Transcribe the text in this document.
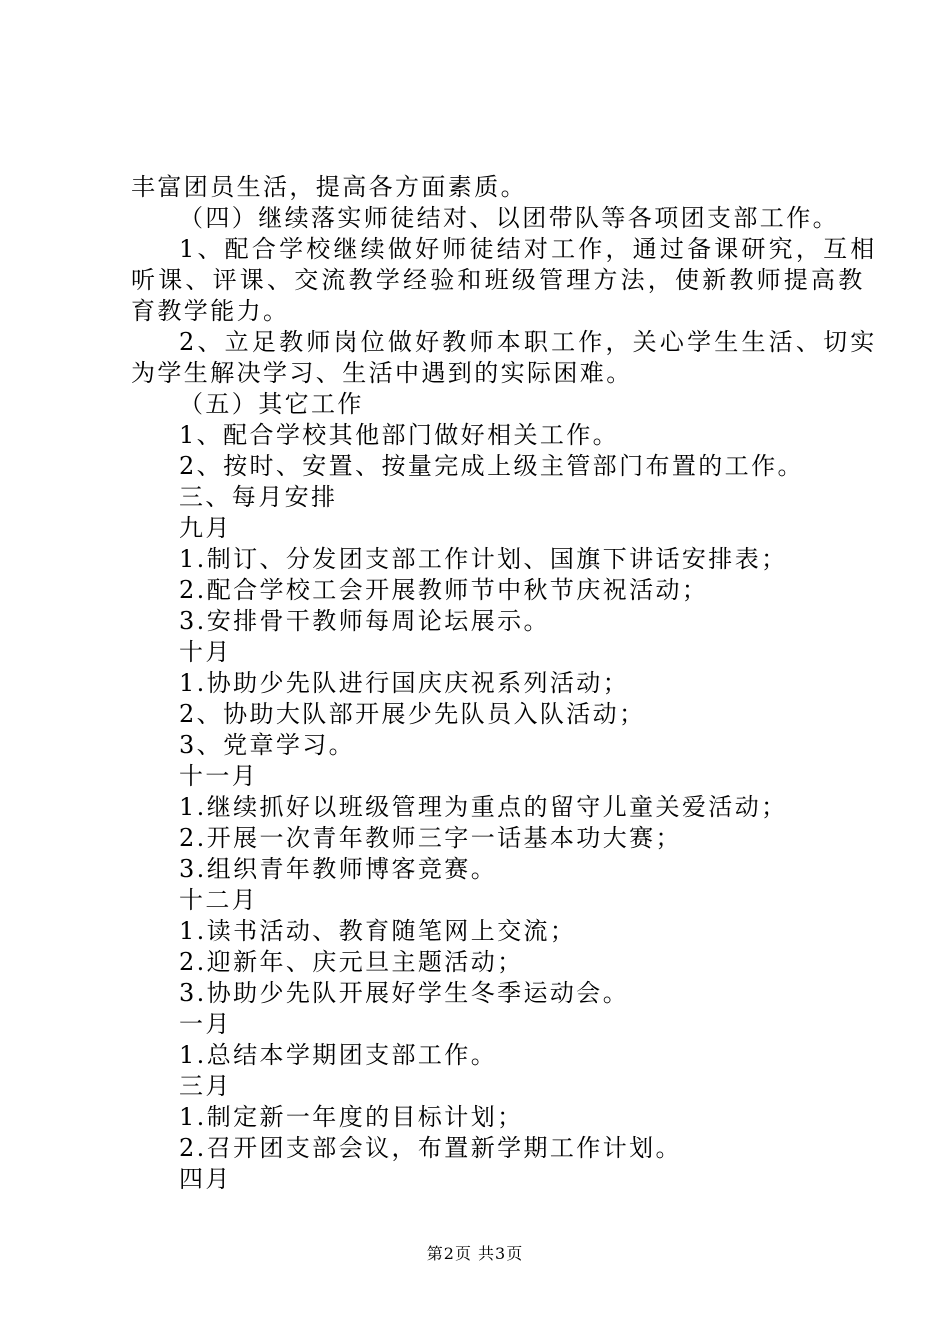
丰富团员生活，提高各方面素质。
（四）继续落实师徒结对、以团带队等各项团支部工作。
1、配合学校继续做好师徒结对工作，通过备课研究，互相
听课、评课、交流教学经验和班级管理方法，使新教师提高教
育教学能力。
2、立足教师岗位做好教师本职工作，关心学生生活、切实
为学生解决学习、生活中遇到的实际困难。
（五）其它工作
1、配合学校其他部门做好相关工作。
2、按时、安置、按量完成上级主管部门布置的工作。
三、每月安排
九月
1.制订、分发团支部工作计划、国旗下讲话安排表；
2.配合学校工会开展教师节中秋节庆祝活动；
3.安排骨干教师每周论坛展示。
十月
1.协助少先队进行国庆庆祝系列活动；
2、协助大队部开展少先队员入队活动；
3、党章学习。
十一月
1.继续抓好以班级管理为重点的留守儿童关爱活动；
2.开展一次青年教师三字一话基本功大赛；
3.组织青年教师博客竞赛。
十二月
1.读书活动、教育随笔网上交流；
2.迎新年、庆元旦主题活动；
3.协助少先队开展好学生冬季运动会。
一月
1.总结本学期团支部工作。
三月
1.制定新一年度的目标计划；
2.召开团支部会议，布置新学期工作计划。
四月
第2页 共3页
